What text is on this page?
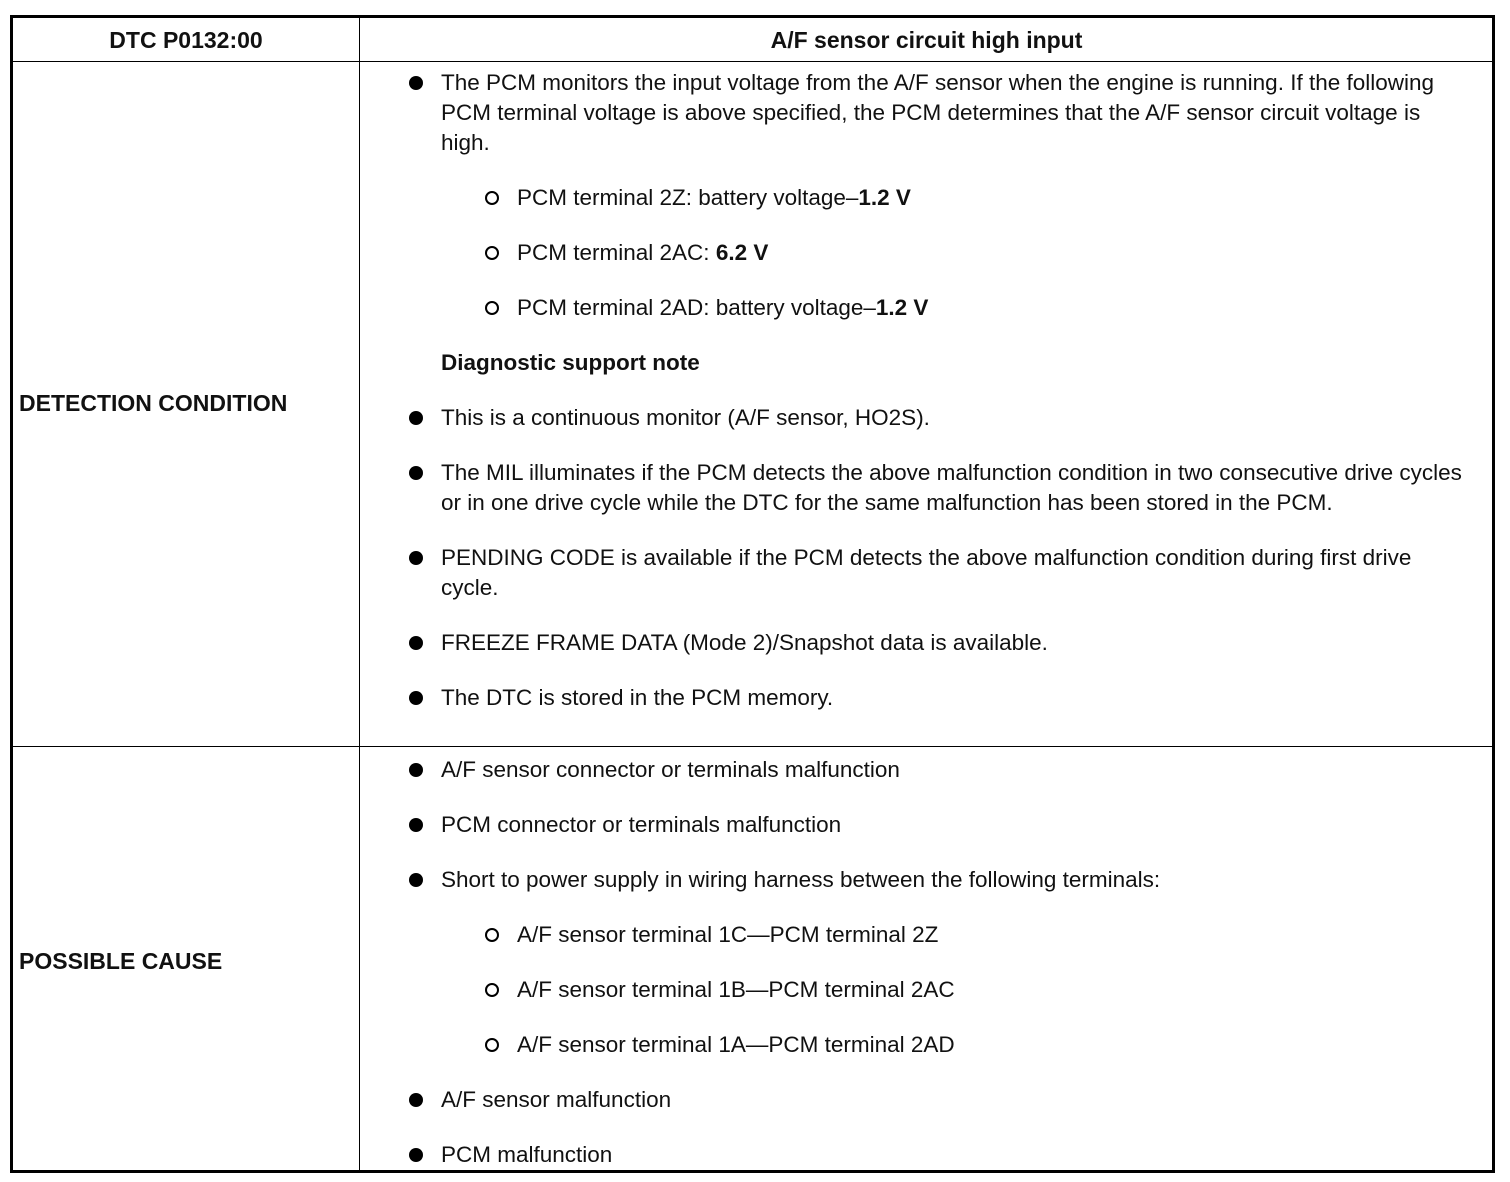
DTC P0132:00	A/F sensor circuit high input
DETECTION CONDITION
The PCM monitors the input voltage from the A/F sensor when the engine is running. If the following PCM terminal voltage is above specified, the PCM determines that the A/F sensor circuit voltage is high.
PCM terminal 2Z: battery voltage–1.2 V
PCM terminal 2AC: 6.2 V
PCM terminal 2AD: battery voltage–1.2 V
Diagnostic support note
This is a continuous monitor (A/F sensor, HO2S).
The MIL illuminates if the PCM detects the above malfunction condition in two consecutive drive cycles or in one drive cycle while the DTC for the same malfunction has been stored in the PCM.
PENDING CODE is available if the PCM detects the above malfunction condition during first drive cycle.
FREEZE FRAME DATA (Mode 2)/Snapshot data is available.
The DTC is stored in the PCM memory.
POSSIBLE CAUSE
A/F sensor connector or terminals malfunction
PCM connector or terminals malfunction
Short to power supply in wiring harness between the following terminals:
A/F sensor terminal 1C—PCM terminal 2Z
A/F sensor terminal 1B—PCM terminal 2AC
A/F sensor terminal 1A—PCM terminal 2AD
A/F sensor malfunction
PCM malfunction
